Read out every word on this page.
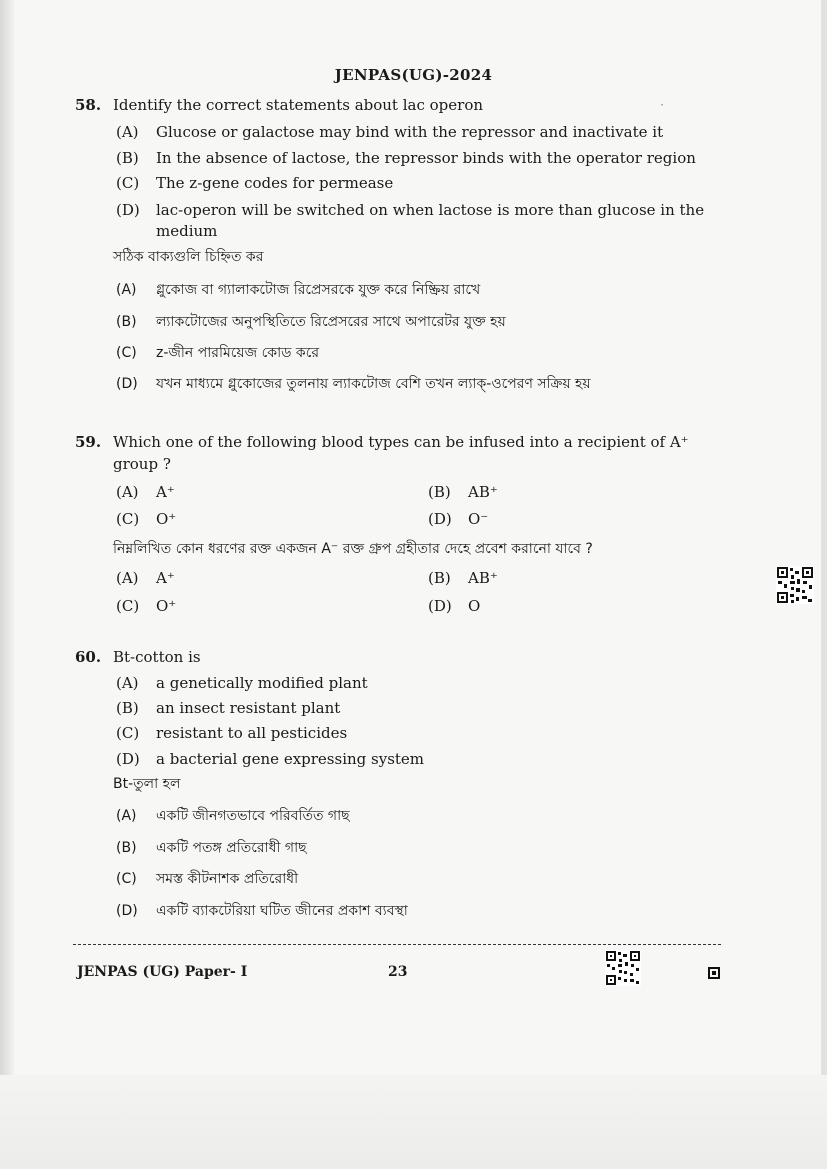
·
JENPAS(UG)-2024
58. Identify the correct statements about lac operon
(A) Glucose or galactose may bind with the repressor and inactivate it
(B) In the absence of lactose, the repressor binds with the operator region
(C) The z-gene codes for permease
(D)	lac-operon will be switched on when lactose is more than glucose in the medium
সঠিক বাক্যগুলি চিহ্নিত কর
(A) গ্লুকোজ বা গ্যালাকটোজ রিপ্রেসরকে যুক্ত করে নিষ্ক্রিয় রাখে
(B) ল্যাকটোজের অনুপস্থিতিতে রিপ্রেসরের সাথে অপারেটর যুক্ত হয়
(C) z-জীন পারমিয়েজ কোড করে
(D) যখন মাধ্যমে গ্লুকোজের তুলনায় ল্যাকটোজ বেশি তখন ল্যাক্-ওপেরণ সক্রিয় হয়
59. Which one of the following blood types can be infused into a recipient of A⁺ group ?
(A) A⁺	(B) AB⁺
(C) O⁺	(D) O⁻
নিম্নলিখিত কোন ধরণের রক্ত একজন A⁻ রক্ত গ্রুপ গ্রহীতার দেহে প্রবেশ করানো যাবে ?
(A) A⁺	(B) AB⁺
(C) O⁺	(D) O
60. Bt-cotton is
(A) a genetically modified plant
(B) an insect resistant plant
(C) resistant to all pesticides
(D) a bacterial gene expressing system
Bt-তুলা হল
(A) একটি জীনগতভাবে পরিবর্তিত গাছ
(B) একটি পতঙ্গ প্রতিরোধী গাছ
(C) সমস্ত কীটনাশক প্রতিরোধী
(D) একটি ব্যাকটেরিয়া ঘটিত জীনের প্রকাশ ব্যবস্থা
JENPAS (UG) Paper- I	23
